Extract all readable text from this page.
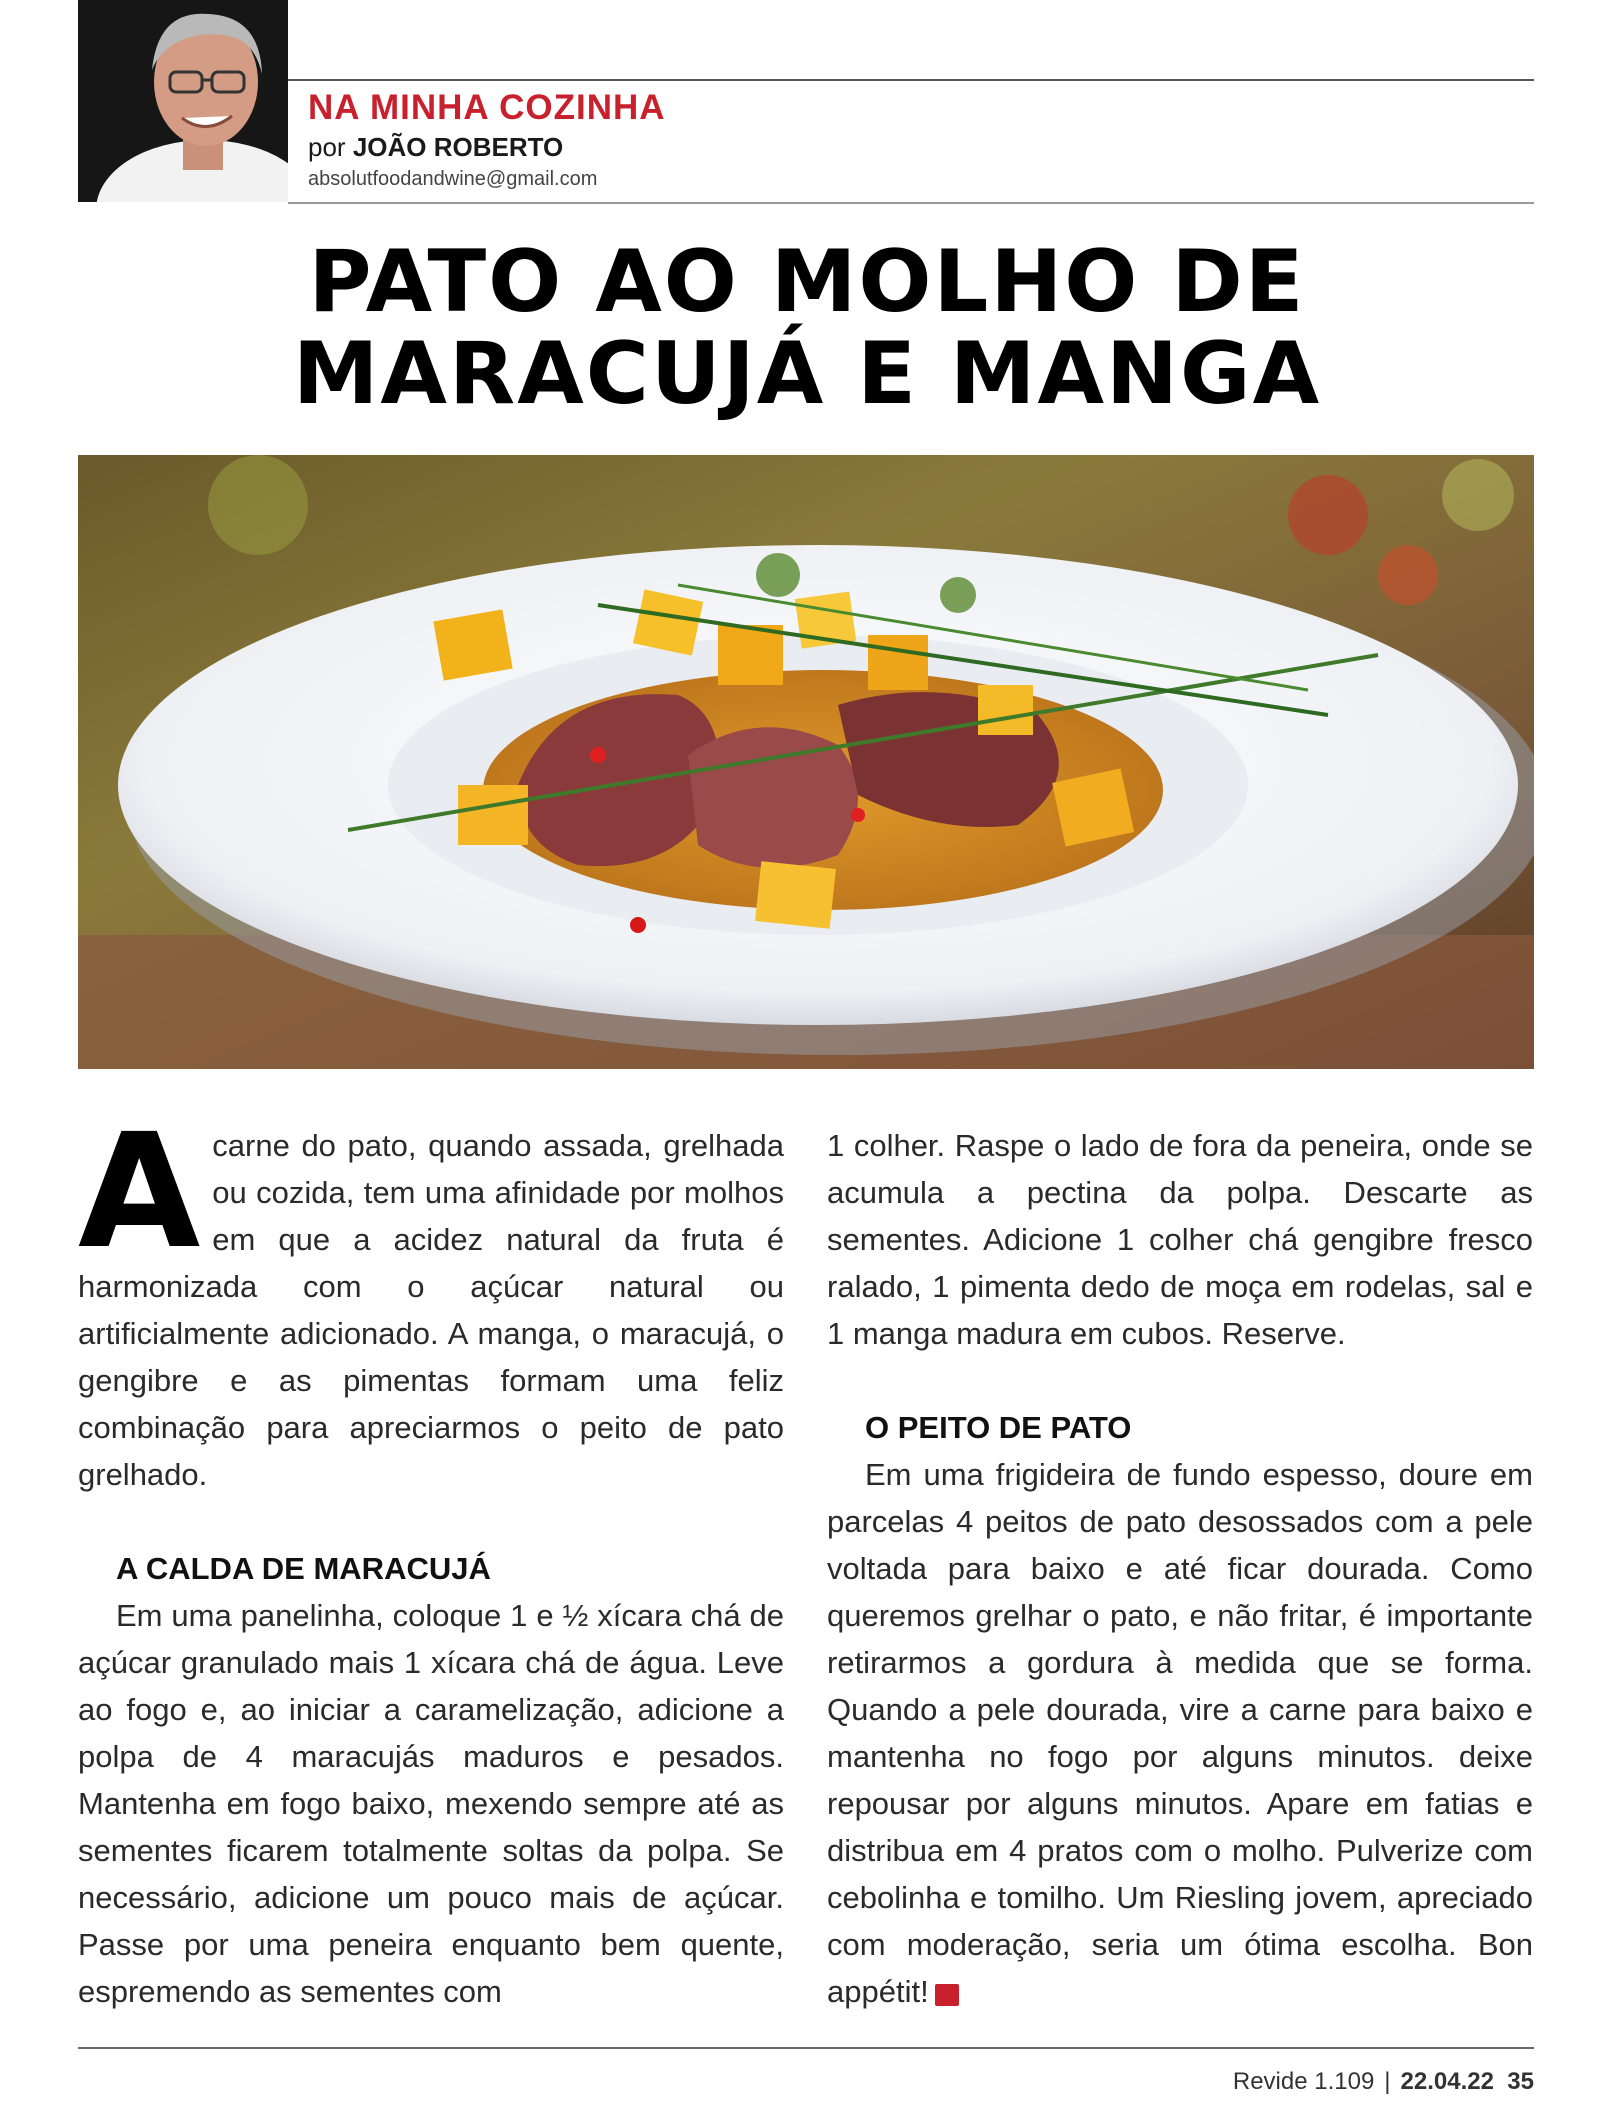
NA MINHA COZINHA
por JOÃO ROBERTO
absolutfoodandwine@gmail.com
PATO AO MOLHO DE
MARACUJÁ E MANGA

Acarne do pato, quando assada, grelhada ou cozida, tem uma afinidade por molhos em que a acidez natural da fruta é harmonizada com o açúcar natural ou artificialmente adicionado. A manga, o maracujá, o gengibre e as pimentas formam uma feliz combinação para apreciarmos o peito de pato grelhado.

A CALDA DE MARACUJÁ

Em uma panelinha, coloque 1 e ½ xícara chá de açúcar granulado mais 1 xícara chá de água. Leve ao fogo e, ao iniciar a caramelização, adicione a polpa de 4 maracujás maduros e pesados. Mantenha em fogo baixo, mexendo sempre até as sementes ficarem totalmente soltas da polpa. Se necessário, adicione um pouco mais de açúcar. Passe por uma peneira enquanto bem quente, espremendo as sementes com

1 colher. Raspe o lado de fora da peneira, onde se acumula a pectina da polpa. Descarte as sementes. Adicione 1 colher chá gengibre fresco ralado, 1 pimenta dedo de moça em rodelas, sal e 1 manga madura em cubos. Reserve.

O PEITO DE PATO

Em uma frigideira de fundo espesso, doure em parcelas 4 peitos de pato desossados com a pele voltada para baixo e até ficar dourada. Como queremos grelhar o pato, e não fritar, é importante retirarmos a gordura à medida que se forma. Quando a pele dourada, vire a carne para baixo e mantenha no fogo por alguns minutos. deixe repousar por alguns minutos. Apare em fatias e distribua em 4 pratos com o molho. Pulverize com cebolinha e tomilho. Um Riesling jovem, apreciado com moderação, seria um ótima escolha. Bon appétit!	R

Revide 1.109 | 22.04.22 35
